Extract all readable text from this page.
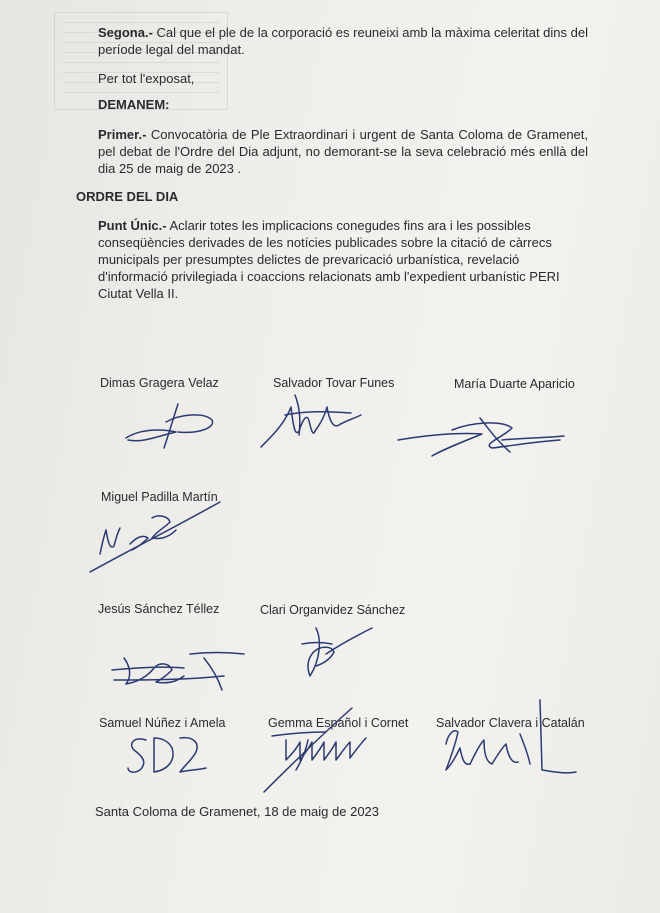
Segona.- Cal que el ple de la corporació es reuneixi amb la màxima celeritat dins del període legal del mandat.
Per tot l'exposat,
DEMANEM:
Primer.- Convocatòria de Ple Extraordinari i urgent de Santa Coloma de Gramenet, pel debat de l'Ordre del Dia adjunt, no demorant-se la seva celebració més enllà del dia 25 de maig de 2023 .
ORDRE DEL DIA
Punt Únic.- Aclarir totes les implicacions conegudes fins ara i les possibles conseqüències derivades de les notícies publicades sobre la citació de càrrecs municipals per presumptes delictes de prevaricació urbanística, revelació d'informació privilegiada i coaccions relacionats amb l'expedient urbanístic PERI Ciutat Vella II.
Dimas Gragera Velaz	Salvador Tovar Funes	María Duarte Aparicio
Miguel Padilla Martín
Jesús Sánchez Téllez	Clari Organvidez Sánchez
Samuel Núñez i Amela	Gemma Español i Cornet Salvador Clavera i Catalán
Santa Coloma de Gramenet, 18 de maig de 2023
